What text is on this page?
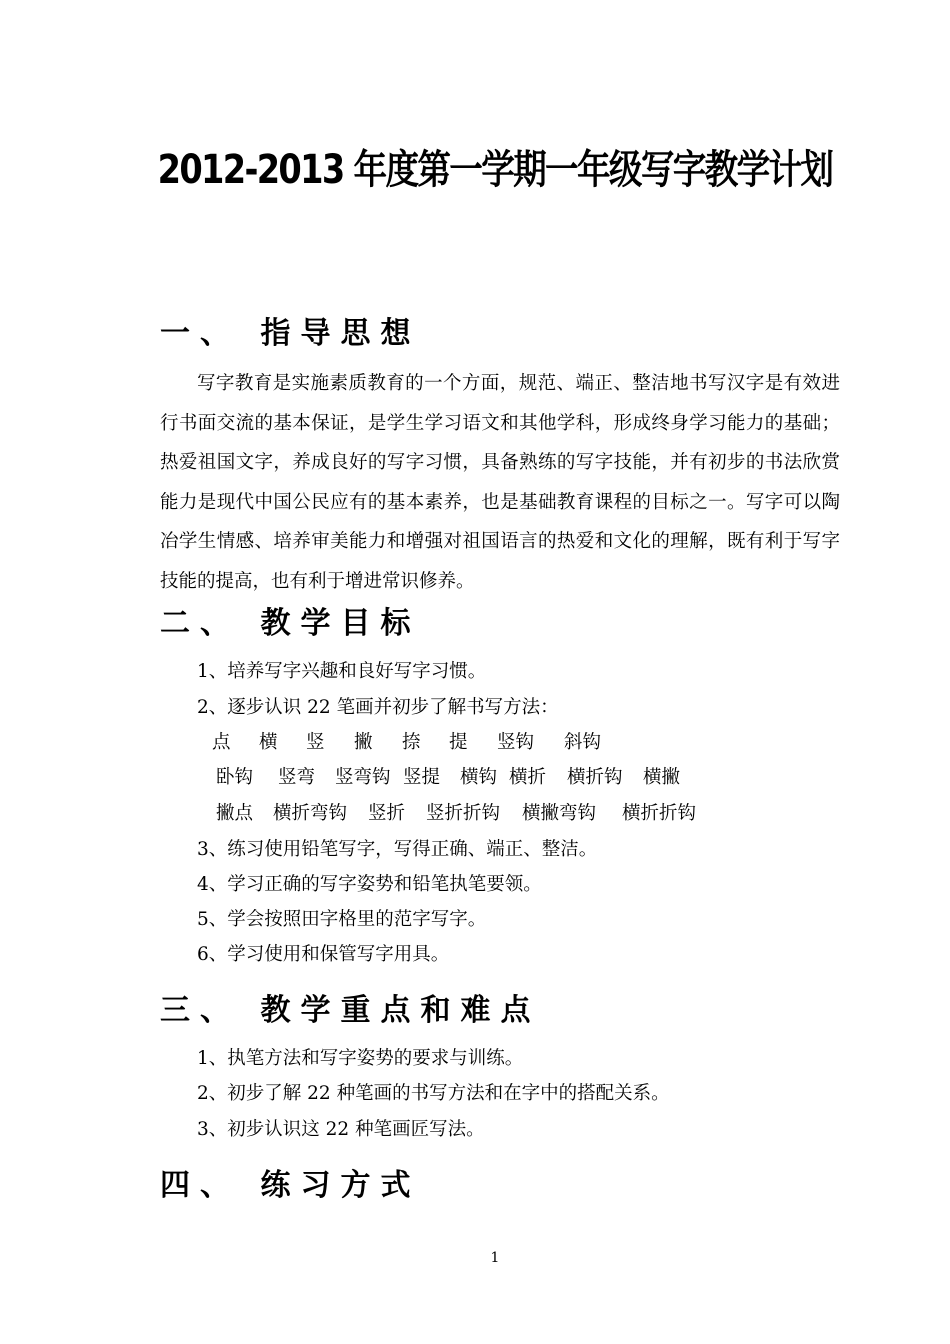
2012-2013 年度第一学期一年级写字教学计划
一、 指导思想

写字教育是实施素质教育的一个方面，规范、端正、整洁地书写汉字是有效进行书面交流的基本保证，是学生学习语文和其他学科，形成终身学习能力的基础；热爱祖国文字，养成良好的写字习惯，具备熟练的写字技能，并有初步的书法欣赏能力是现代中国公民应有的基本素养，也是基础教育课程的目标之一。写字可以陶冶学生情感、培养审美能力和增强对祖国语言的热爱和文化的理解，既有利于写字技能的提高，也有利于增进常识修养。

二、 教学目标

1、培养写字兴趣和良好写字习惯。

2、逐步认识 22 笔画并初步了解书写方法：

点 横 竖 撇 捺 提 竖钩 斜钩

卧钩 竖弯 竖弯钩 竖提 横钩 横折 横折钩 横撇

撇点 横折弯钩 竖折 竖折折钩 横撇弯钩 横折折钩

3、练习使用铅笔写字，写得正确、端正、整洁。

4、学习正确的写字姿势和铅笔执笔要领。

5、学会按照田字格里的范字写字。

6、学习使用和保管写字用具。

三、 教学重点和难点

1、执笔方法和写字姿势的要求与训练。

2、初步了解 22 种笔画的书写方法和在字中的搭配关系。

3、初步认识这 22 种笔画匠写法。

四、 练习方式
1
